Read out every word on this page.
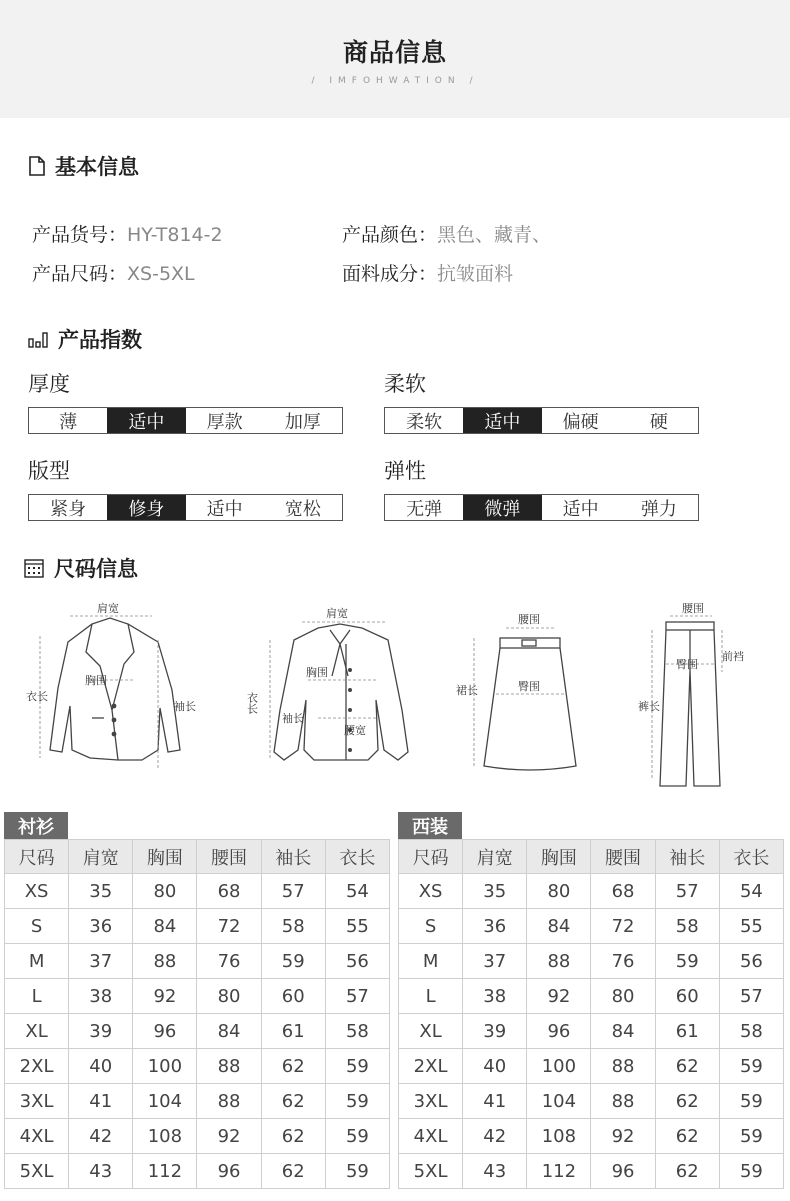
商品信息
/ IMFOHWATION /
基本信息
产品货号：HY-T814-2	产品颜色：黑色、藏青、
产品尺码：XS-5XL	面料成分：抗皱面料
产品指数
厚度
薄	适中	厚款	加厚
柔软
柔软	适中	偏硬	硬
版型
紧身	修身	适中	宽松
弹性
无弹	微弹	适中	弹力
尺码信息
肩宽
胸围
衣长
袖长
肩宽
胸围
衣长
袖长
腰宽
腰围
臀围
裙长
腰围
臀围
前裆
裤长
衬衫
尺码	肩宽	胸围	腰围	袖长	衣长
XS	35	80	68	57	54
S	36	84	72	58	55
M	37	88	76	59	56
L	38	92	80	60	57
XL	39	96	84	61	58
2XL	40	100	88	62	59
3XL	41	104	88	62	59
4XL	42	108	92	62	59
5XL	43	112	96	62	59
西装
尺码	肩宽	胸围	腰围	袖长	衣长
XS	35	80	68	57	54
S	36	84	72	58	55
M	37	88	76	59	56
L	38	92	80	60	57
XL	39	96	84	61	58
2XL	40	100	88	62	59
3XL	41	104	88	62	59
4XL	42	108	92	62	59
5XL	43	112	96	62	59
